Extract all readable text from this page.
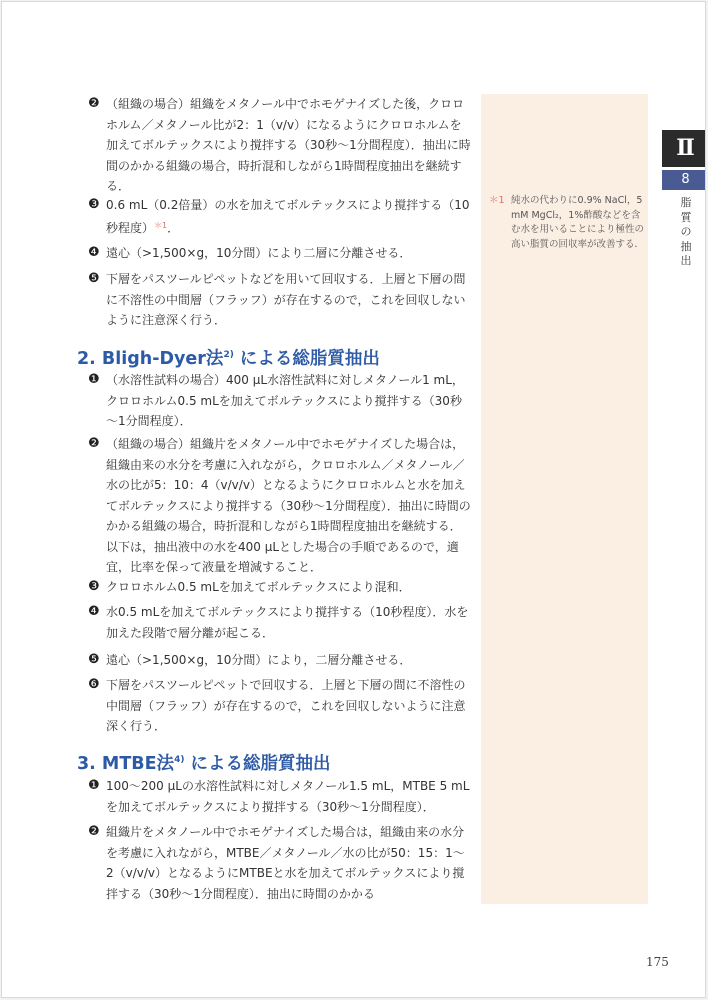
＊1 純水の代わりに0.9% NaCl，5 mM MgCl₂，1%酢酸などを含む水を用いることにより極性の高い脂質の回収率が改善する．
Ⅱ
8
脂質の抽出
❷ （組織の場合）組織をメタノール中でホモゲナイズした後，クロロホルム／メタノール比が2：1（v/v）になるようにクロロホルムを加えてボルテックスにより撹拌する（30秒～1分間程度）．抽出に時間のかかる組織の場合，時折混和しながら1時間程度抽出を継続する．
❸ 0.6 mL（0.2倍量）の水を加えてボルテックスにより撹拌する（10秒程度）$^{*1}$．
❹ 遠心（>1,500×g，10分間）により二層に分離させる．
❺ 下層をパスツールピペットなどを用いて回収する．上層と下層の間に不溶性の中間層（フラッフ）が存在するので，これを回収しないように注意深く行う．
2. Bligh-Dyer法$^{2)}$ による総脂質抽出
❶ （水溶性試料の場合）400 μL水溶性試料に対しメタノール1 mL，クロロホルム0.5 mLを加えてボルテックスにより撹拌する（30秒～1分間程度）．
❷ （組織の場合）組織片をメタノール中でホモゲナイズした場合は，組織由来の水分を考慮に入れながら，クロロホルム／メタノール／水の比が5：10：4（v/v/v）となるようにクロロホルムと水を加えてボルテックスにより撹拌する（30秒～1分間程度）．抽出に時間のかかる組織の場合，時折混和しながら1時間程度抽出を継続する．以下は，抽出液中の水を400 μLとした場合の手順であるので，適宜，比率を保って液量を増減すること．
❸ クロロホルム0.5 mLを加えてボルテックスにより混和．
❹ 水0.5 mLを加えてボルテックスにより撹拌する（10秒程度）．水を加えた段階で層分離が起こる．
❺ 遠心（>1,500×g，10分間）により，二層分離させる．
❻ 下層をパスツールピペットで回収する．上層と下層の間に不溶性の中間層（フラッフ）が存在するので，これを回収しないように注意深く行う．
3. MTBE法$^{4)}$ による総脂質抽出
❶ 100～200 μLの水溶性試料に対しメタノール1.5 mL，MTBE 5 mLを加えてボルテックスにより撹拌する（30秒～1分間程度）．
❷ 組織片をメタノール中でホモゲナイズした場合は，組織由来の水分を考慮に入れながら，MTBE／メタノール／水の比が50：15：1～2（v/v/v）となるようにMTBEと水を加えてボルテックスにより撹拌する（30秒～1分間程度）．抽出に時間のかかる
175
